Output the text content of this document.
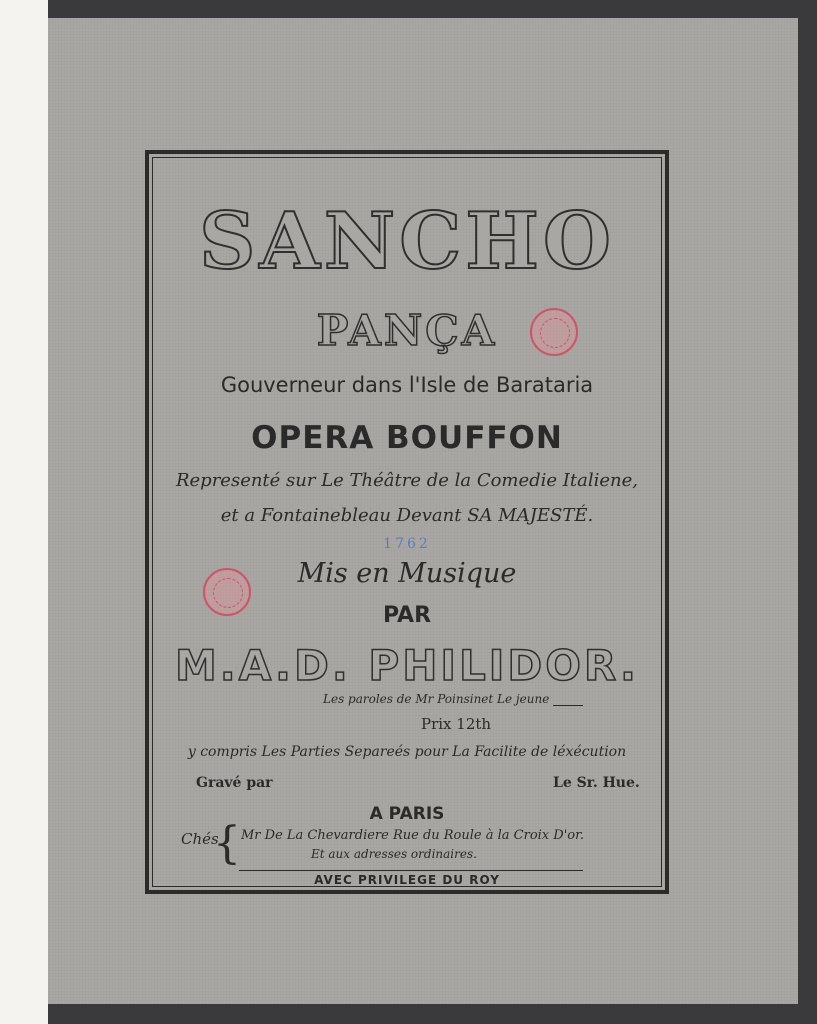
SANCHO
PANÇA
Gouverneur dans l'Isle de Barataria
OPERA BOUFFON
Representé sur Le Théâtre de la Comedie Italiene,
et a Fontainebleau Devant SA MAJESTÉ.
1762
Mis en Musique
PAR
M.A.D. PHILIDOR.
Les paroles de Mr Poinsinet Le jeune
Prix 12th
y compris Les Parties Separeés pour La Facilite de léxécution
Gravé par	Le Sr. Hue.
A PARIS
Chés
{ Mr De La Chevardiere Rue du Roule à la Croix D'or.
Et aux adresses ordinaires.
AVEC PRIVILEGE DU ROY
